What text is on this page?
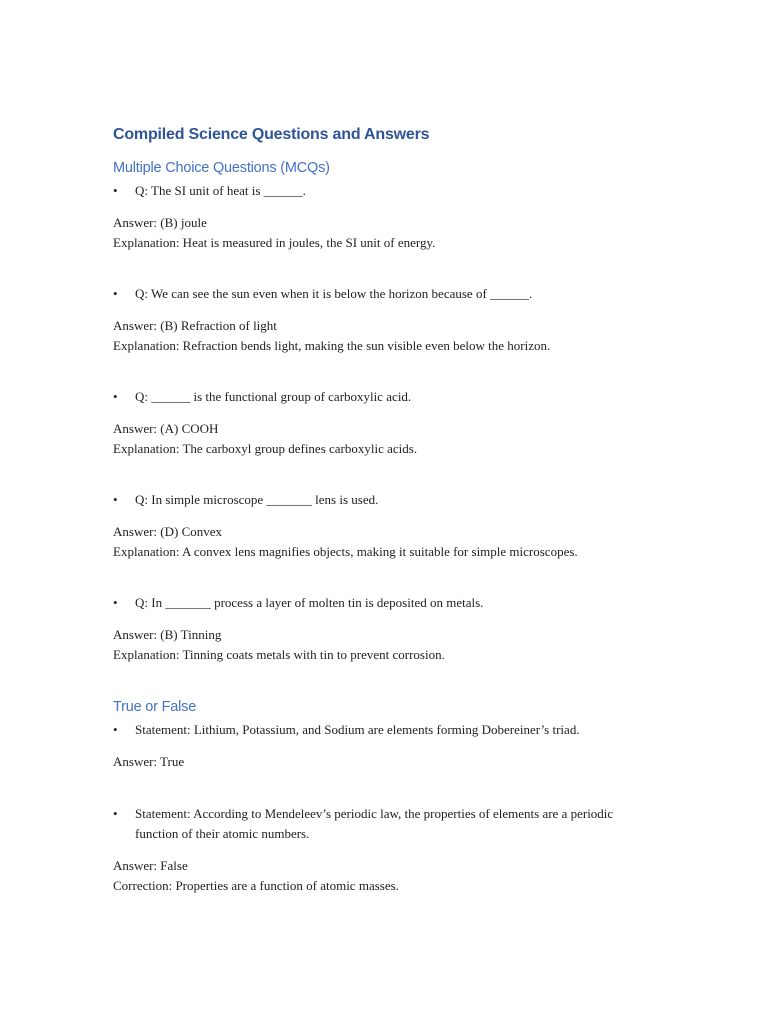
Compiled Science Questions and Answers
Multiple Choice Questions (MCQs)
•	Q: The SI unit of heat is ______.
Answer: (B) joule
Explanation: Heat is measured in joules, the SI unit of energy.
•	Q: We can see the sun even when it is below the horizon because of ______.
Answer: (B) Refraction of light
Explanation: Refraction bends light, making the sun visible even below the horizon.
•	Q: ______ is the functional group of carboxylic acid.
Answer: (A) COOH
Explanation: The carboxyl group defines carboxylic acids.
•	Q: In simple microscope _______ lens is used.
Answer: (D) Convex
Explanation: A convex lens magnifies objects, making it suitable for simple microscopes.
•	Q: In _______ process a layer of molten tin is deposited on metals.
Answer: (B) Tinning
Explanation: Tinning coats metals with tin to prevent corrosion.
True or False
•	Statement: Lithium, Potassium, and Sodium are elements forming Dobereiner’s triad.
Answer: True
•	Statement: According to Mendeleev’s periodic law, the properties of elements are a periodic function of their atomic numbers.
Answer: False
Correction: Properties are a function of atomic masses.
